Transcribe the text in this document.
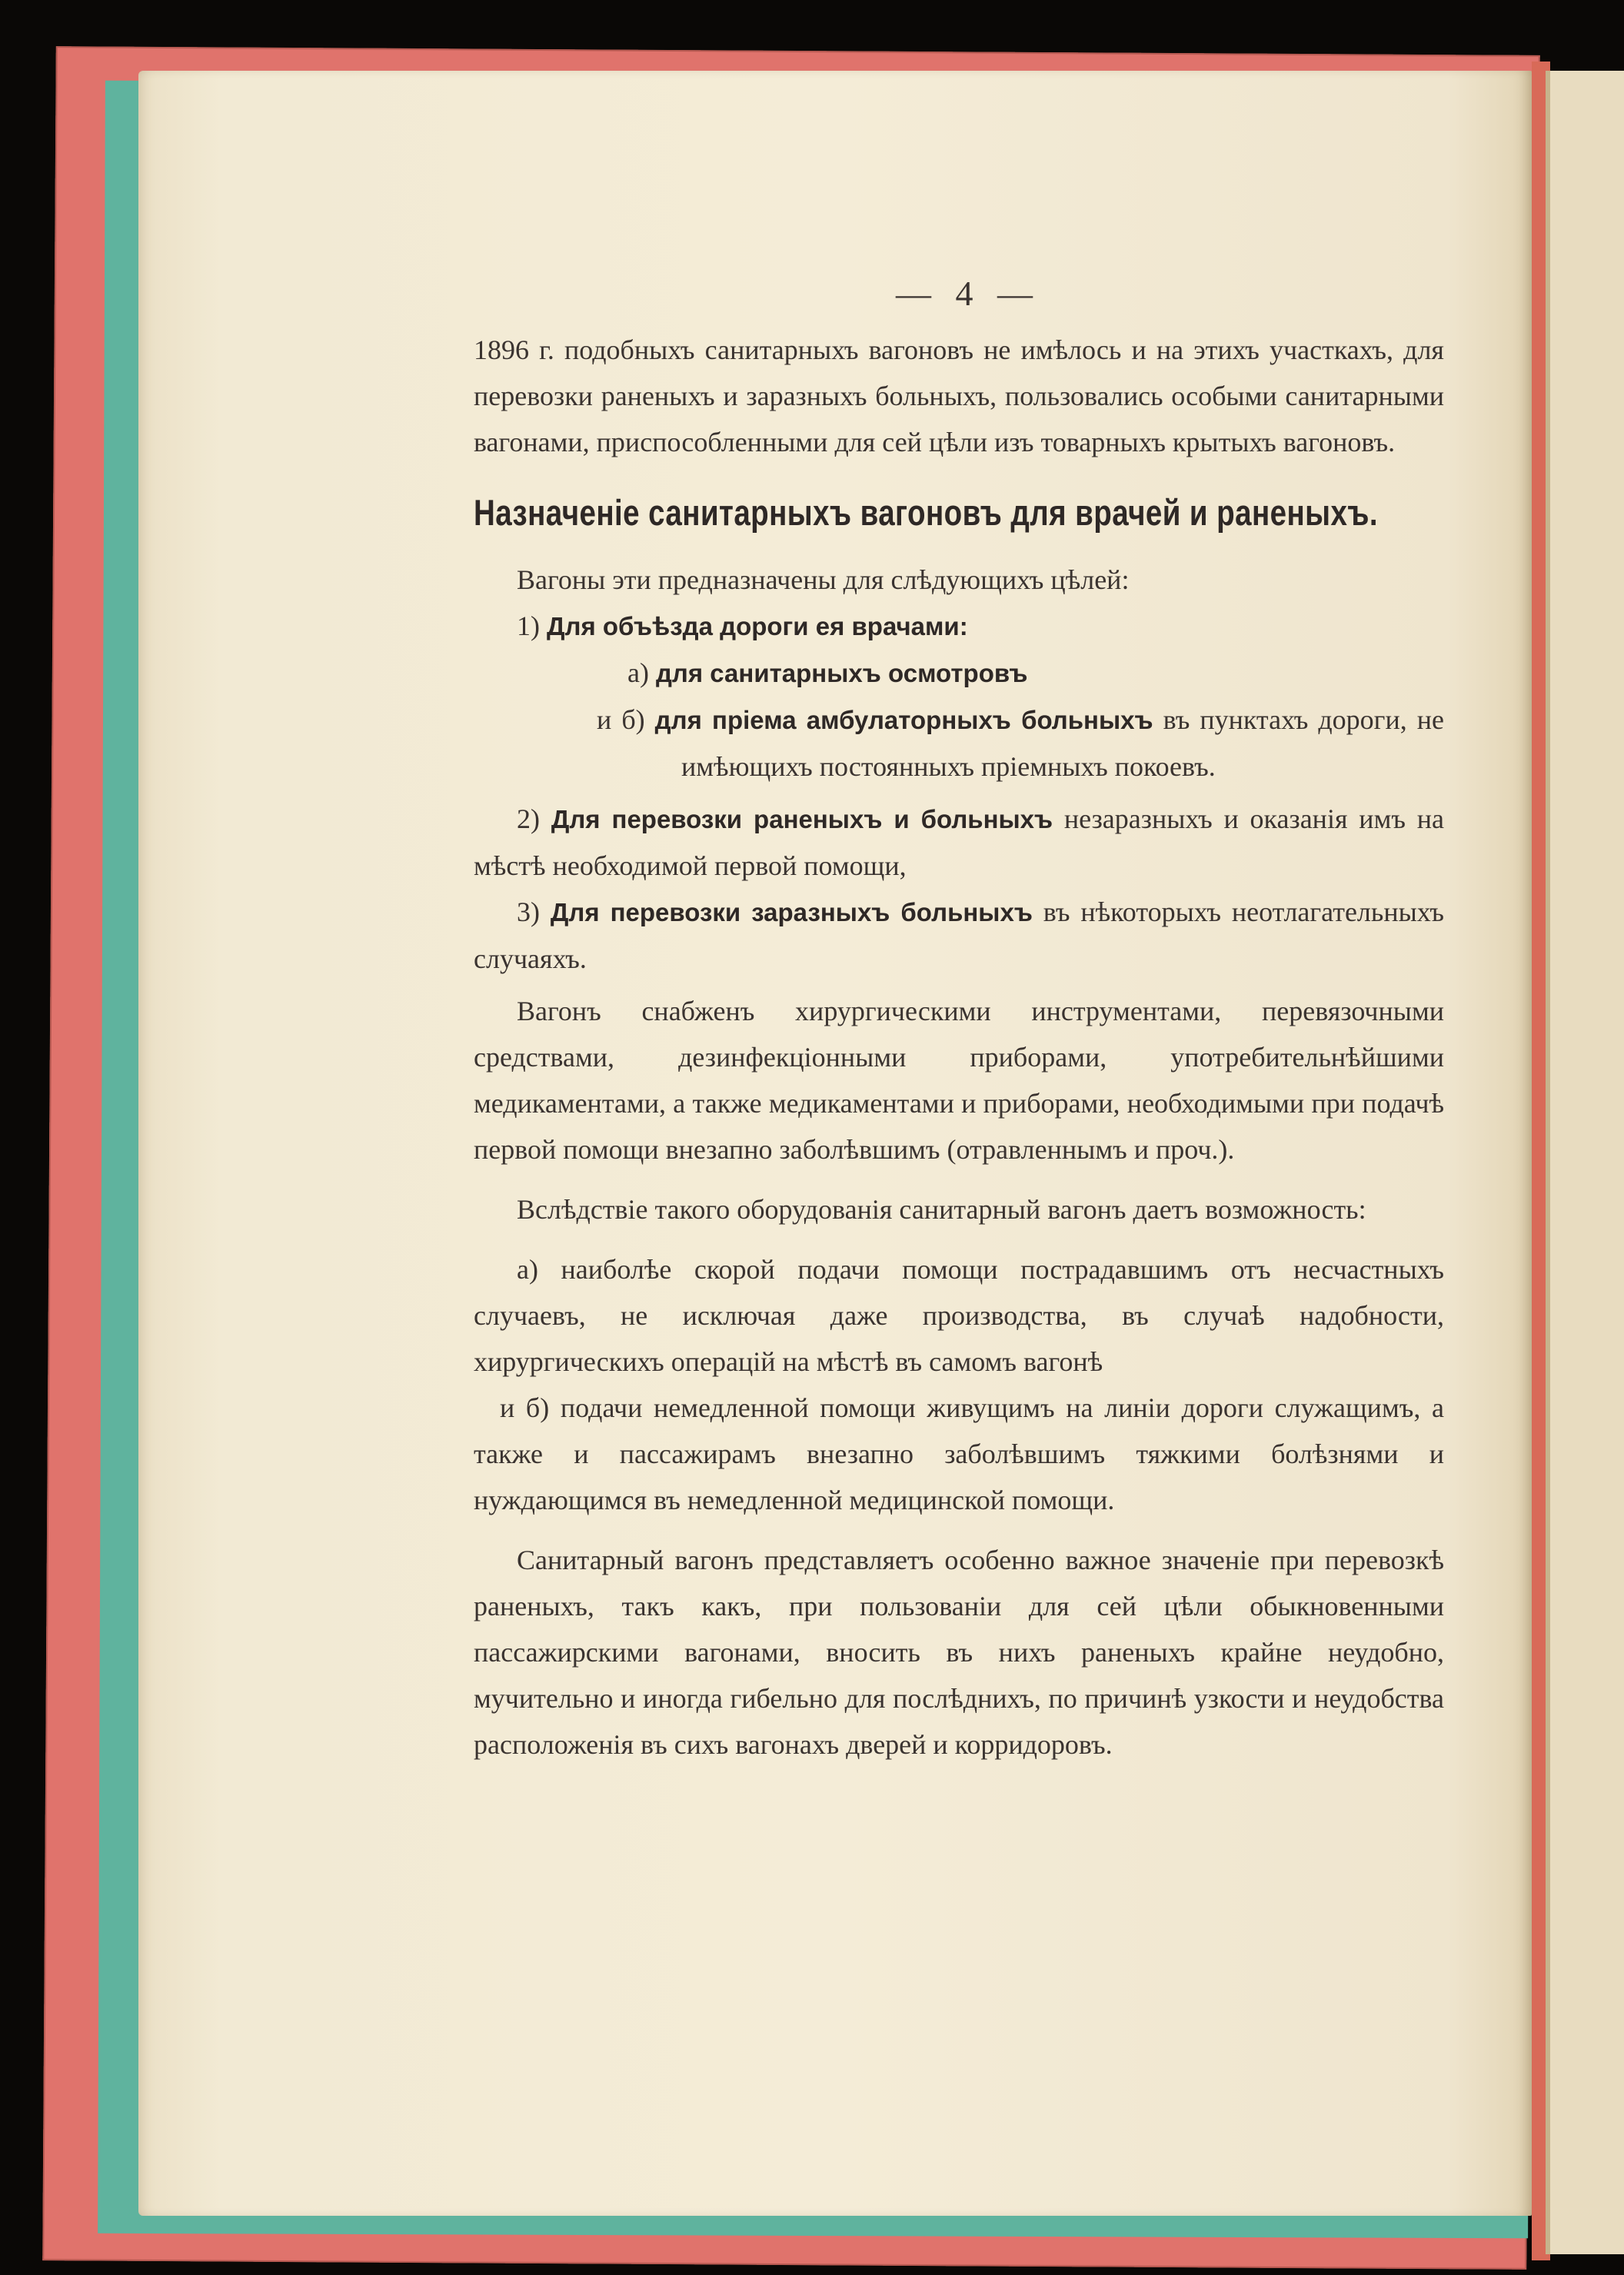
— 4 —

1896 г. подобныхъ санитарныхъ вагоновъ не имѣлось и на этихъ участкахъ, для перевозки раненыхъ и заразныхъ больныхъ, пользовались особыми санитарными вагонами, приспособленными для сей цѣли изъ товарныхъ крытыхъ вагоновъ.

Назначеніе санитарныхъ вагоновъ для врачей и раненыхъ.

Вагоны эти предназначены для слѣдующихъ цѣлей:

1) Для объѣзда дороги ея врачами:

а) для санитарныхъ осмотровъ

и б) для пріема амбулаторныхъ больныхъ въ пунктахъ дороги, не имѣющихъ постоянныхъ пріемныхъ покоевъ.

2) Для перевозки раненыхъ и больныхъ незаразныхъ и оказанія имъ на мѣстѣ необходимой первой помощи,

3) Для перевозки заразныхъ больныхъ въ нѣкоторыхъ неотлагательныхъ случаяхъ.

Вагонъ снабженъ хирургическими инструментами, перевязочными средствами, дезинфекціонными приборами, употребительнѣйшими медикаментами, а также медикаментами и приборами, необходимыми при подачѣ первой помощи внезапно заболѣвшимъ (отравленнымъ и проч.).

Вслѣдствіе такого оборудованія санитарный вагонъ даетъ возможность:

а) наиболѣе скорой подачи помощи пострадавшимъ отъ несчастныхъ случаевъ, не исключая даже производства, въ случаѣ надобности, хирургическихъ операцій на мѣстѣ въ самомъ вагонѣ

и б) подачи немедленной помощи живущимъ на линіи дороги служащимъ, а также и пассажирамъ внезапно заболѣвшимъ тяжкими болѣзнями и нуждающимся въ немедленной медицинской помощи.

Санитарный вагонъ представляетъ особенно важное значеніе при перевозкѣ раненыхъ, такъ какъ, при пользованіи для сей цѣли обыкновенными пассажирскими вагонами, вносить въ нихъ раненыхъ крайне неудобно, мучительно и иногда гибельно для послѣднихъ, по причинѣ узкости и неудобства расположенія въ сихъ вагонахъ дверей и корридоровъ.
